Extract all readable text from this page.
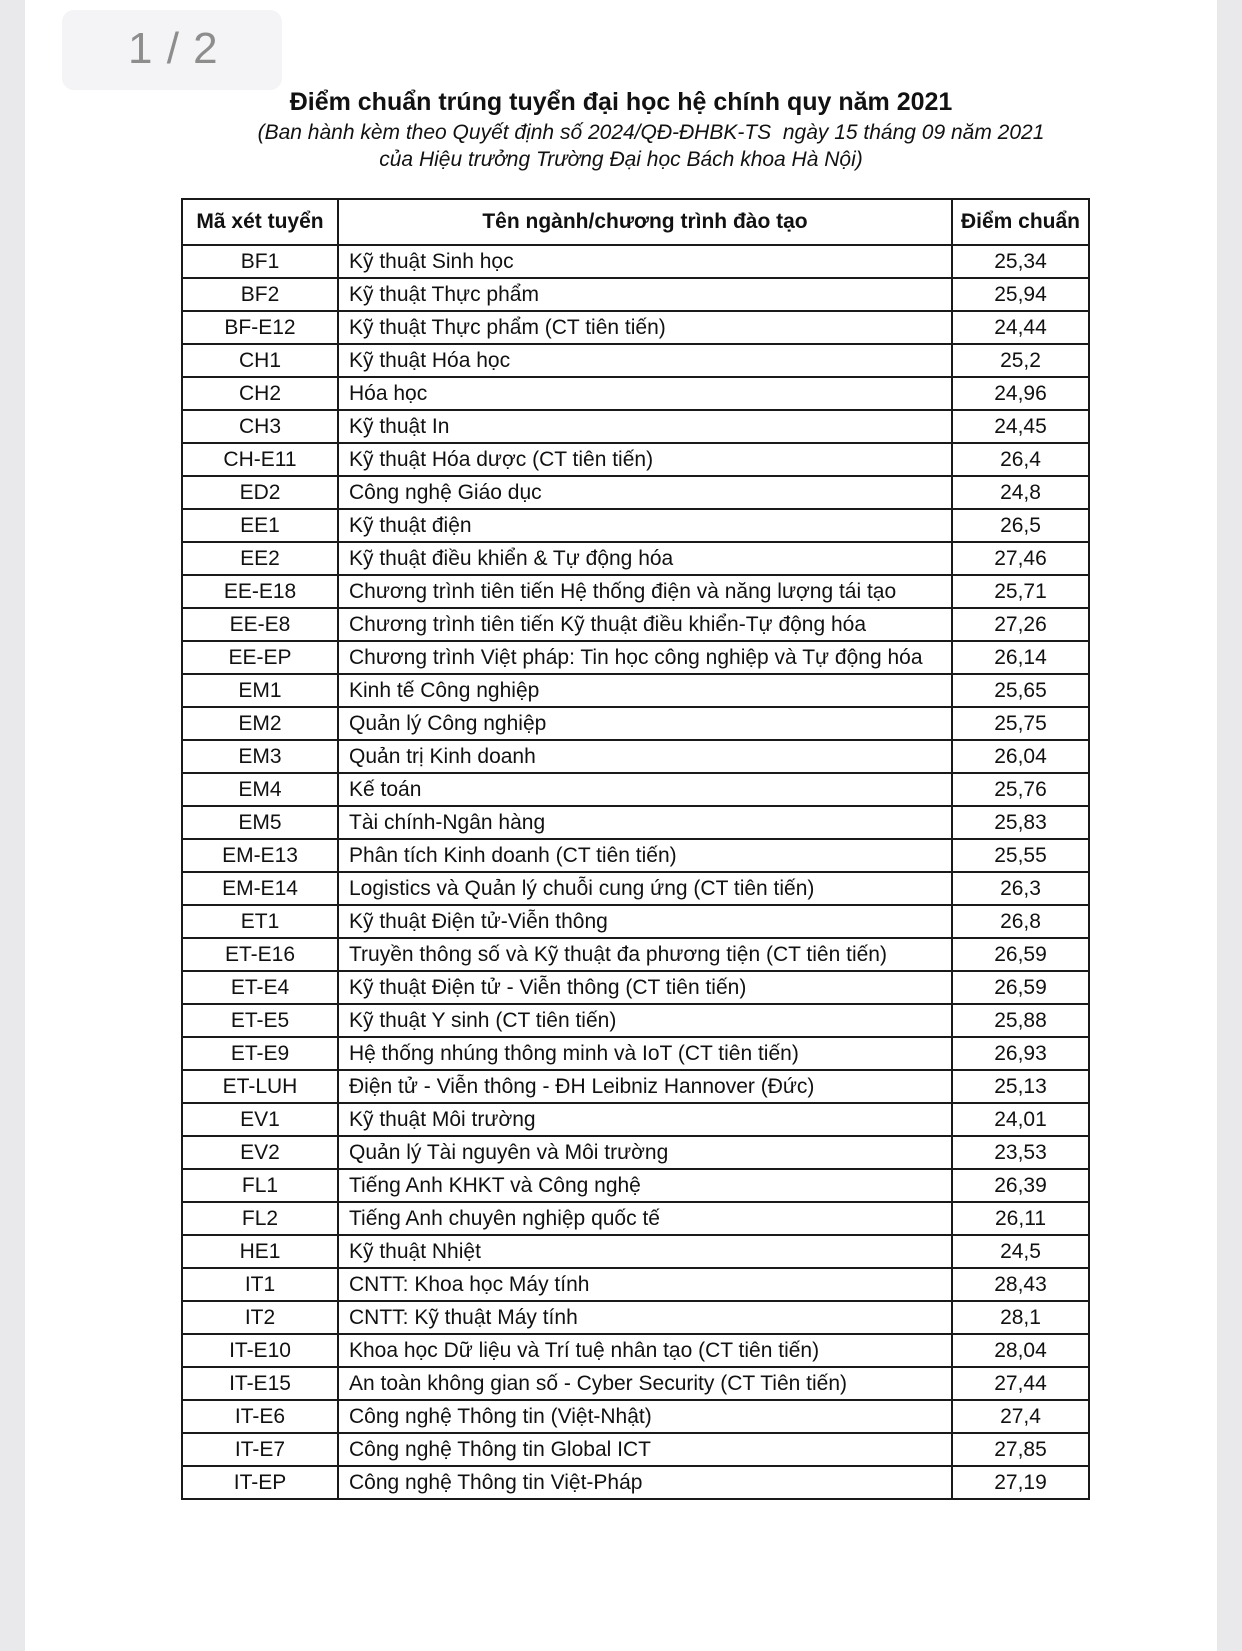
1 / 2
Điểm chuẩn trúng tuyển đại học hệ chính quy năm 2021
(Ban hành kèm theo Quyết định số 2024/QĐ-ĐHBK-TS  ngày 15 tháng 09 năm 2021
của Hiệu trưởng Trường Đại học Bách khoa Hà Nội)
Mã xét tuyển	Tên ngành/chương trình đào tạo	Điểm chuẩn
BF1	Kỹ thuật Sinh học	25,34
BF2	Kỹ thuật Thực phẩm	25,94
BF-E12	Kỹ thuật Thực phẩm (CT tiên tiến)	24,44
CH1	Kỹ thuật Hóa học	25,2
CH2	Hóa học	24,96
CH3	Kỹ thuật In	24,45
CH-E11	Kỹ thuật Hóa dược (CT tiên tiến)	26,4
ED2	Công nghệ Giáo dục	24,8
EE1	Kỹ thuật điện	26,5
EE2	Kỹ thuật điều khiển & Tự động hóa	27,46
EE-E18	Chương trình tiên tiến Hệ thống điện và năng lượng tái tạo	25,71
EE-E8	Chương trình tiên tiến Kỹ thuật điều khiển-Tự động hóa	27,26
EE-EP	Chương trình Việt pháp: Tin học công nghiệp và Tự động hóa	26,14
EM1	Kinh tế Công nghiệp	25,65
EM2	Quản lý Công nghiệp	25,75
EM3	Quản trị Kinh doanh	26,04
EM4	Kế toán	25,76
EM5	Tài chính-Ngân hàng	25,83
EM-E13	Phân tích Kinh doanh (CT tiên tiến)	25,55
EM-E14	Logistics và Quản lý chuỗi cung ứng (CT tiên tiến)	26,3
ET1	Kỹ thuật Điện tử-Viễn thông	26,8
ET-E16	Truyền thông số và Kỹ thuật đa phương tiện (CT tiên tiến)	26,59
ET-E4	Kỹ thuật Điện tử - Viễn thông (CT tiên tiến)	26,59
ET-E5	Kỹ thuật Y sinh (CT tiên tiến)	25,88
ET-E9	Hệ thống nhúng thông minh và IoT (CT tiên tiến)	26,93
ET-LUH	Điện tử - Viễn thông - ĐH Leibniz Hannover (Đức)	25,13
EV1	Kỹ thuật Môi trường	24,01
EV2	Quản lý Tài nguyên và Môi trường	23,53
FL1	Tiếng Anh KHKT và Công nghệ	26,39
FL2	Tiếng Anh chuyên nghiệp quốc tế	26,11
HE1	Kỹ thuật Nhiệt	24,5
IT1	CNTT: Khoa học Máy tính	28,43
IT2	CNTT: Kỹ thuật Máy tính	28,1
IT-E10	Khoa học Dữ liệu và Trí tuệ nhân tạo (CT tiên tiến)	28,04
IT-E15	An toàn không gian số - Cyber Security (CT Tiên tiến)	27,44
IT-E6	Công nghệ Thông tin (Việt-Nhật)	27,4
IT-E7	Công nghệ Thông tin Global ICT	27,85
IT-EP	Công nghệ Thông tin Việt-Pháp	27,19
